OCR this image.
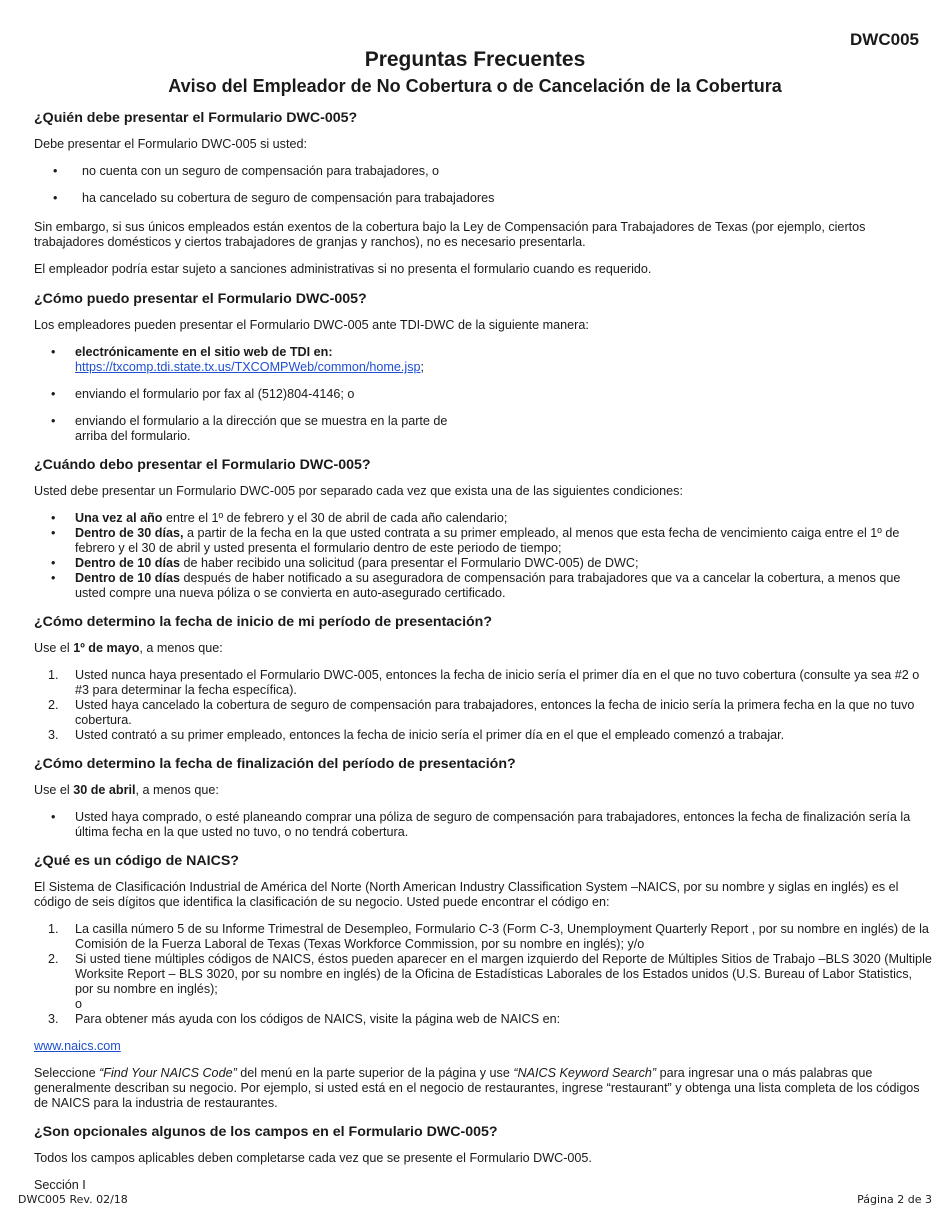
DWC005
Preguntas Frecuentes
Aviso del Empleador de No Cobertura o de Cancelación de la Cobertura
¿Quién debe presentar el Formulario DWC-005?

Debe presentar el Formulario DWC-005 si usted:

• no cuenta con un seguro de compensación para trabajadores, o
• ha cancelado su cobertura de seguro de compensación para trabajadores

Sin embargo, si sus únicos empleados están exentos de la cobertura bajo la Ley de Compensación para Trabajadores de Texas (por ejemplo, ciertos trabajadores domésticos y ciertos trabajadores de granjas y ranchos), no es necesario presentarla.

El empleador podría estar sujeto a sanciones administrativas si no presenta el formulario cuando es requerido.

¿Cómo puedo presentar el Formulario DWC-005?

Los empleadores pueden presentar el Formulario DWC-005 ante TDI-DWC de la siguiente manera:

• electrónicamente en el sitio web de TDI en:
https://txcomp.tdi.state.tx.us/TXCOMPWeb/common/home.jsp;
• enviando el formulario por fax al (512)804-4146; o
• enviando el formulario a la dirección que se muestra en la parte de
arriba del formulario.
¿Cuándo debo presentar el Formulario DWC-005?

Usted debe presentar un Formulario DWC-005 por separado cada vez que exista una de las siguientes condiciones:

• Una vez al año entre el 1º de febrero y el 30 de abril de cada año calendario;
• Dentro de 30 días, a partir de la fecha en la que usted contrata a su primer empleado, al menos que esta fecha de vencimiento caiga entre el 1º de febrero y el 30 de abril y usted presenta el formulario dentro de este periodo de tiempo;
• Dentro de 10 días de haber recibido una solicitud (para presentar el Formulario DWC-005) de DWC;
• Dentro de 10 días después de haber notificado a su aseguradora de compensación para trabajadores que va a cancelar la cobertura, a menos que usted compre una nueva póliza o se convierta en auto-asegurado certificado.
¿Cómo determino la fecha de inicio de mi período de presentación?

Use el 1º de mayo, a menos que:

1. Usted nunca haya presentado el Formulario DWC-005, entonces la fecha de inicio sería el primer día en el que no tuvo cobertura (consulte ya sea #2 o #3 para determinar la fecha específica).
2. Usted haya cancelado la cobertura de seguro de compensación para trabajadores, entonces la fecha de inicio sería la primera fecha en la que no tuvo cobertura.
3. Usted contrató a su primer empleado, entonces la fecha de inicio sería el primer día en el que el empleado comenzó a trabajar.
¿Cómo determino la fecha de finalización del período de presentación?

Use el 30 de abril, a menos que:

• Usted haya comprado, o esté planeando comprar una póliza de seguro de compensación para trabajadores, entonces la fecha de finalización sería la última fecha en la que usted no tuvo, o no tendrá cobertura.
¿Qué es un código de NAICS?

El Sistema de Clasificación Industrial de América del Norte (North American Industry Classification System –NAICS, por su nombre y siglas en inglés) es el código de seis dígitos que identifica la clasificación de su negocio. Usted puede encontrar el código en:

1. La casilla número 5 de su Informe Trimestral de Desempleo, Formulario C-3 (Form C-3, Unemployment Quarterly Report , por su nombre en inglés) de la Comisión de la Fuerza Laboral de Texas (Texas Workforce Commission, por su nombre en inglés); y/o
2. Si usted tiene múltiples códigos de NAICS, éstos pueden aparecer en el margen izquierdo del Reporte de Múltiples Sitios de Trabajo –BLS 3020 (Multiple Worksite Report – BLS 3020, por su nombre en inglés) de la Oficina de Estadísticas Laborales de los Estados unidos (U.S. Bureau of Labor Statistics, por su nombre en inglés);
o
3. Para obtener más ayuda con los códigos de NAICS, visite la página web de NAICS en:

www.naics.com

Seleccione “Find Your NAICS Code” del menú en la parte superior de la página y use “NAICS Keyword Search” para ingresar una o más palabras que generalmente describan su negocio. Por ejemplo, si usted está en el negocio de restaurantes, ingrese “restaurant” y obtenga una lista completa de los códigos de NAICS para la industria de restaurantes.

¿Son opcionales algunos de los campos en el Formulario DWC-005?

Todos los campos aplicables deben completarse cada vez que se presente el Formulario DWC-005.

Sección I

DWC005 Rev. 02/18	Página 2 de 3
